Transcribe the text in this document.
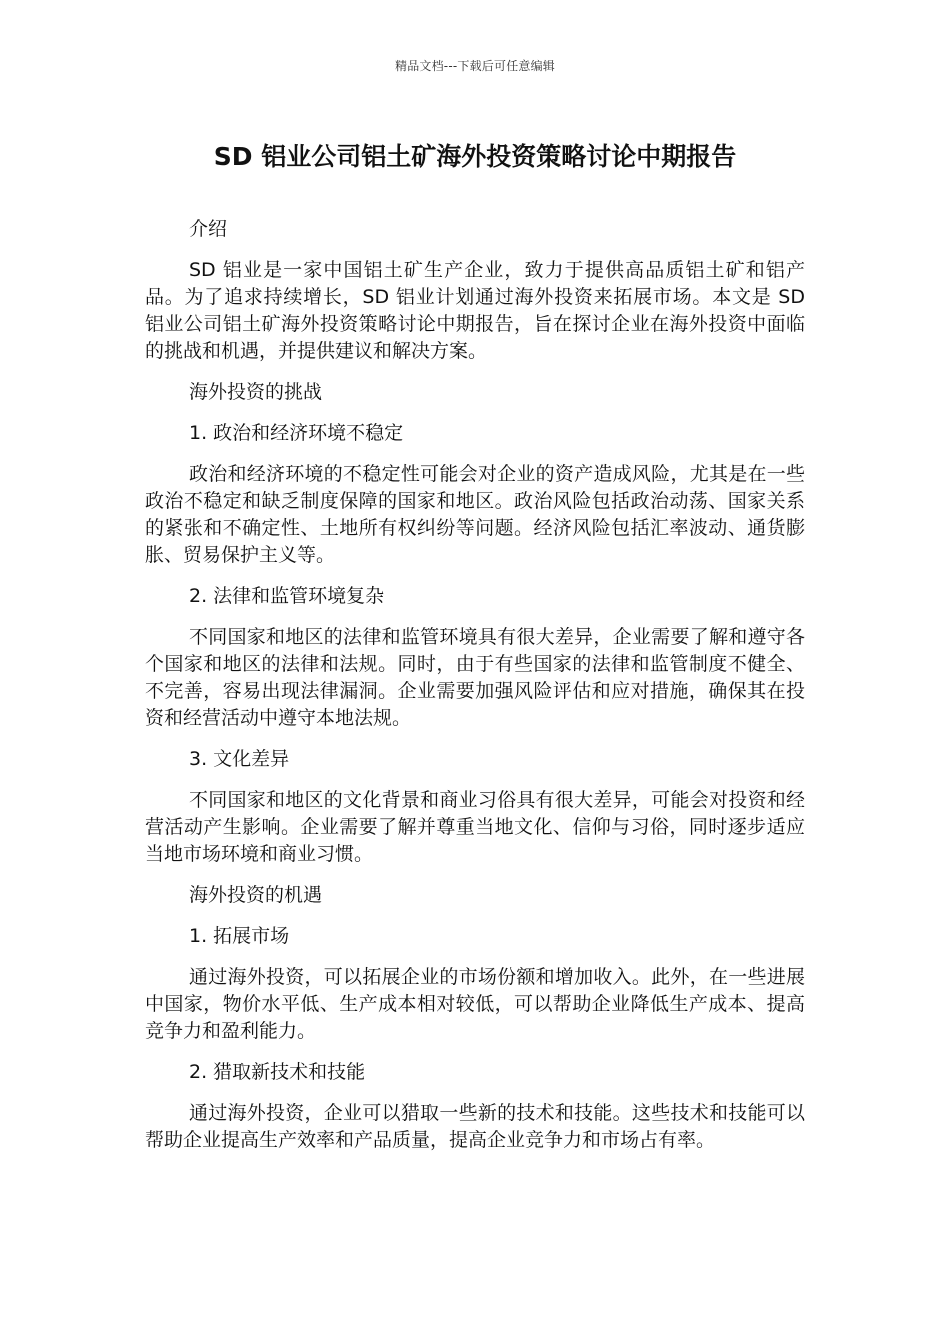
精品文档---下载后可任意编辑
SD 铝业公司铝土矿海外投资策略讨论中期报告
介绍
SD 铝业是一家中国铝土矿生产企业，致力于提供高品质铝土矿和铝产品。为了追求持续增长，SD 铝业计划通过海外投资来拓展市场。本文是 SD 铝业公司铝土矿海外投资策略讨论中期报告，旨在探讨企业在海外投资中面临的挑战和机遇，并提供建议和解决方案。
海外投资的挑战
1. 政治和经济环境不稳定
政治和经济环境的不稳定性可能会对企业的资产造成风险，尤其是在一些政治不稳定和缺乏制度保障的国家和地区。政治风险包括政治动荡、国家关系的紧张和不确定性、土地所有权纠纷等问题。经济风险包括汇率波动、通货膨胀、贸易保护主义等。
2. 法律和监管环境复杂
不同国家和地区的法律和监管环境具有很大差异，企业需要了解和遵守各个国家和地区的法律和法规。同时，由于有些国家的法律和监管制度不健全、不完善，容易出现法律漏洞。企业需要加强风险评估和应对措施，确保其在投资和经营活动中遵守本地法规。
3. 文化差异
不同国家和地区的文化背景和商业习俗具有很大差异，可能会对投资和经营活动产生影响。企业需要了解并尊重当地文化、信仰与习俗，同时逐步适应当地市场环境和商业习惯。
海外投资的机遇
1. 拓展市场
通过海外投资，可以拓展企业的市场份额和增加收入。此外，在一些进展中国家，物价水平低、生产成本相对较低，可以帮助企业降低生产成本、提高竞争力和盈利能力。
2. 猎取新技术和技能
通过海外投资，企业可以猎取一些新的技术和技能。这些技术和技能可以帮助企业提高生产效率和产品质量，提高企业竞争力和市场占有率。
